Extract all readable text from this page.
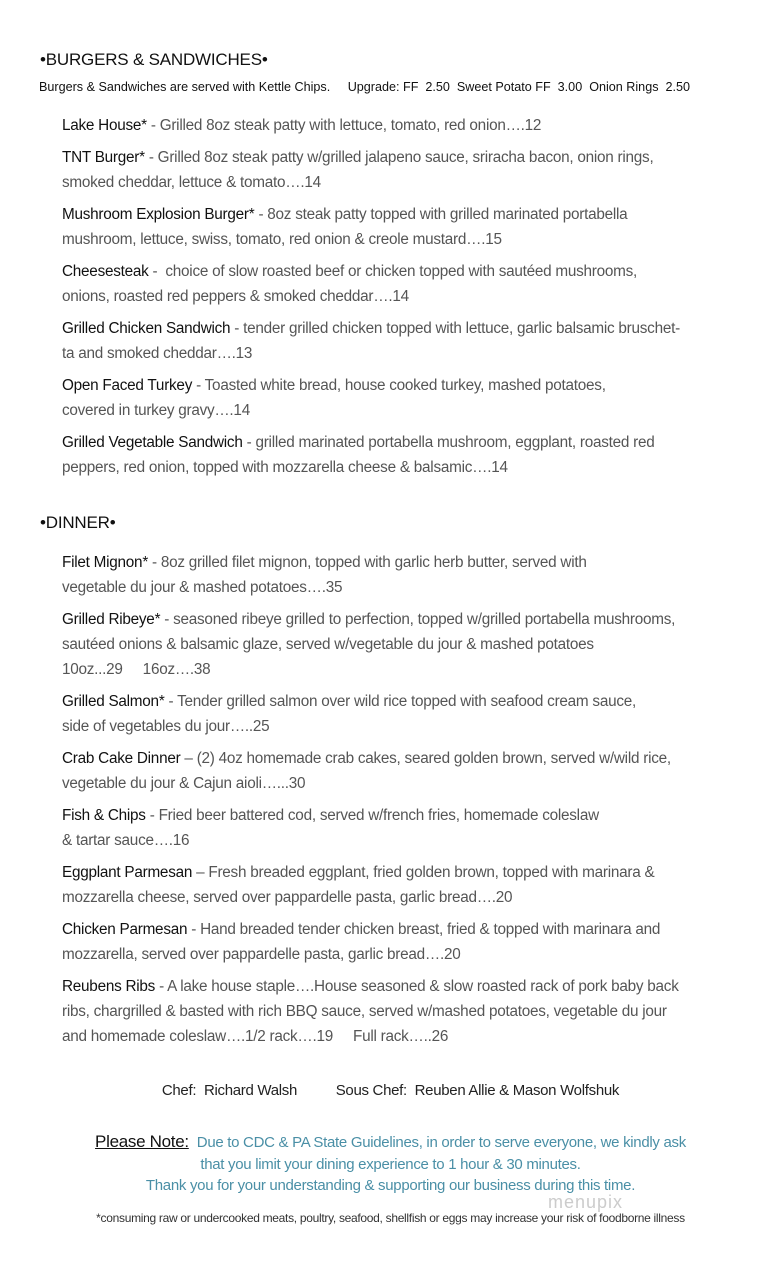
•BURGERS & SANDWICHES•
Burgers & Sandwiches are served with Kettle Chips.     Upgrade: FF  2.50  Sweet Potato FF  3.00  Onion Rings  2.50
Lake House* - Grilled 8oz steak patty with lettuce, tomato, red onion….12
TNT Burger* - Grilled 8oz steak patty w/grilled jalapeno sauce, sriracha bacon, onion rings,
smoked cheddar, lettuce & tomato….14
Mushroom Explosion Burger* - 8oz steak patty topped with grilled marinated portabella
mushroom, lettuce, swiss, tomato, red onion & creole mustard….15
Cheesesteak -  choice of slow roasted beef or chicken topped with sautéed mushrooms,
onions, roasted red peppers & smoked cheddar….14
Grilled Chicken Sandwich - tender grilled chicken topped with lettuce, garlic balsamic bruschet-
ta and smoked cheddar….13
Open Faced Turkey - Toasted white bread, house cooked turkey, mashed potatoes,
covered in turkey gravy….14
Grilled Vegetable Sandwich - grilled marinated portabella mushroom, eggplant, roasted red
peppers, red onion, topped with mozzarella cheese & balsamic….14
•DINNER•
Filet Mignon* - 8oz grilled filet mignon, topped with garlic herb butter, served with
vegetable du jour & mashed potatoes….35
Grilled Ribeye* - seasoned ribeye grilled to perfection, topped w/grilled portabella mushrooms,
sautéed onions & balsamic glaze, served w/vegetable du jour & mashed potatoes
10oz...29     16oz….38
Grilled Salmon* - Tender grilled salmon over wild rice topped with seafood cream sauce,
side of vegetables du jour…..25
Crab Cake Dinner – (2) 4oz homemade crab cakes, seared golden brown, served w/wild rice,
vegetable du jour & Cajun aioli…...30
Fish & Chips - Fried beer battered cod, served w/french fries, homemade coleslaw
& tartar sauce….16
Eggplant Parmesan – Fresh breaded eggplant, fried golden brown, topped with marinara &
mozzarella cheese, served over pappardelle pasta, garlic bread….20
Chicken Parmesan - Hand breaded tender chicken breast, fried & topped with marinara and
mozzarella, served over pappardelle pasta, garlic bread….20
Reubens Ribs - A lake house staple….House seasoned & slow roasted rack of pork baby back
ribs, chargrilled & basted with rich BBQ sauce, served w/mashed potatoes, vegetable du jour
and homemade coleslaw….1/2 rack….19     Full rack…..26
Chef:  Richard Walsh          Sous Chef:  Reuben Allie & Mason Wolfshuk
Please Note: Due to CDC & PA State Guidelines, in order to serve everyone, we kindly ask
that you limit your dining experience to 1 hour & 30 minutes.
Thank you for your understanding & supporting our business during this time.
menupix
*consuming raw or undercooked meats, poultry, seafood, shellfish or eggs may increase your risk of foodborne illness
